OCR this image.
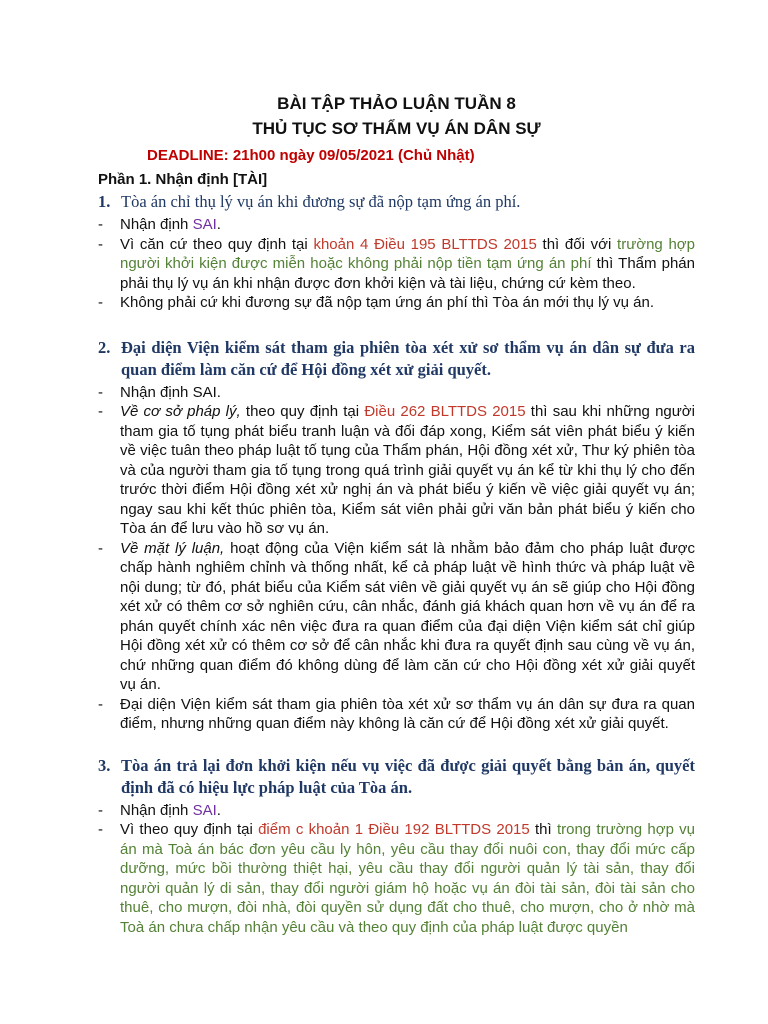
BÀI TẬP THẢO LUẬN TUẦN 8
THỦ TỤC SƠ THẨM VỤ ÁN DÂN SỰ

DEADLINE: 21h00 ngày 09/05/2021 (Chủ Nhật)

Phần 1. Nhận định [TÀI]

1. Tòa án chỉ thụ lý vụ án khi đương sự đã nộp tạm ứng án phí.
-	Nhận định SAI.
-	Vì căn cứ theo quy định tại khoản 4 Điều 195 BLTTDS 2015 thì đối với trường hợp người khởi kiện được miễn hoặc không phải nộp tiền tạm ứng án phí thì Thẩm phán phải thụ lý vụ án khi nhận được đơn khởi kiện và tài liệu, chứng cứ kèm theo.
-	Không phải cứ khi đương sự đã nộp tạm ứng án phí thì Tòa án mới thụ lý vụ án.
2. Đại diện Viện kiểm sát tham gia phiên tòa xét xử sơ thẩm vụ án dân sự đưa ra quan điểm làm căn cứ để Hội đồng xét xử giải quyết.
-	Nhận định SAI.
-	Về cơ sở pháp lý, theo quy định tại Điều 262 BLTTDS 2015 thì sau khi những người tham gia tố tụng phát biểu tranh luận và đối đáp xong, Kiểm sát viên phát biểu ý kiến về việc tuân theo pháp luật tố tụng của Thẩm phán, Hội đồng xét xử, Thư ký phiên tòa và của người tham gia tố tụng trong quá trình giải quyết vụ án kể từ khi thụ lý cho đến trước thời điểm Hội đồng xét xử nghị án và phát biểu ý kiến về việc giải quyết vụ án; ngay sau khi kết thúc phiên tòa, Kiểm sát viên phải gửi văn bản phát biểu ý kiến cho Tòa án để lưu vào hồ sơ vụ án.
-	Về mặt lý luận, hoạt động của Viện kiểm sát là nhằm bảo đảm cho pháp luật được chấp hành nghiêm chỉnh và thống nhất, kể cả pháp luật về hình thức và pháp luật về nội dung; từ đó, phát biểu của Kiểm sát viên về giải quyết vụ án sẽ giúp cho Hội đồng xét xử có thêm cơ sở nghiên cứu, cân nhắc, đánh giá khách quan hơn về vụ án để ra phán quyết chính xác nên việc đưa ra quan điểm của đại diện Viện kiểm sát chỉ giúp Hội đồng xét xử có thêm cơ sở để cân nhắc khi đưa ra quyết định sau cùng về vụ án, chứ những quan điểm đó không dùng để làm căn cứ cho Hội đồng xét xử giải quyết vụ án.
-	Đại diện Viện kiểm sát tham gia phiên tòa xét xử sơ thẩm vụ án dân sự đưa ra quan điểm, nhưng những quan điểm này không là căn cứ để Hội đồng xét xử giải quyết.
3. Tòa án trả lại đơn khởi kiện nếu vụ việc đã được giải quyết bằng bản án, quyết định đã có hiệu lực pháp luật của Tòa án.
-	Nhận định SAI.
-	Vì theo quy định tại điểm c khoản 1 Điều 192 BLTTDS 2015 thì trong trường hợp vụ án mà Toà án bác đơn yêu cầu ly hôn, yêu cầu thay đổi nuôi con, thay đổi mức cấp dưỡng, mức bồi thường thiệt hại, yêu cầu thay đổi người quản lý tài sản, thay đổi người quản lý di sản, thay đổi người giám hộ hoặc vụ án đòi tài sản, đòi tài sản cho thuê, cho mượn, đòi nhà, đòi quyền sử dụng đất cho thuê, cho mượn, cho ở nhờ mà Toà án chưa chấp nhận yêu cầu và theo quy định của pháp luật được quyền
